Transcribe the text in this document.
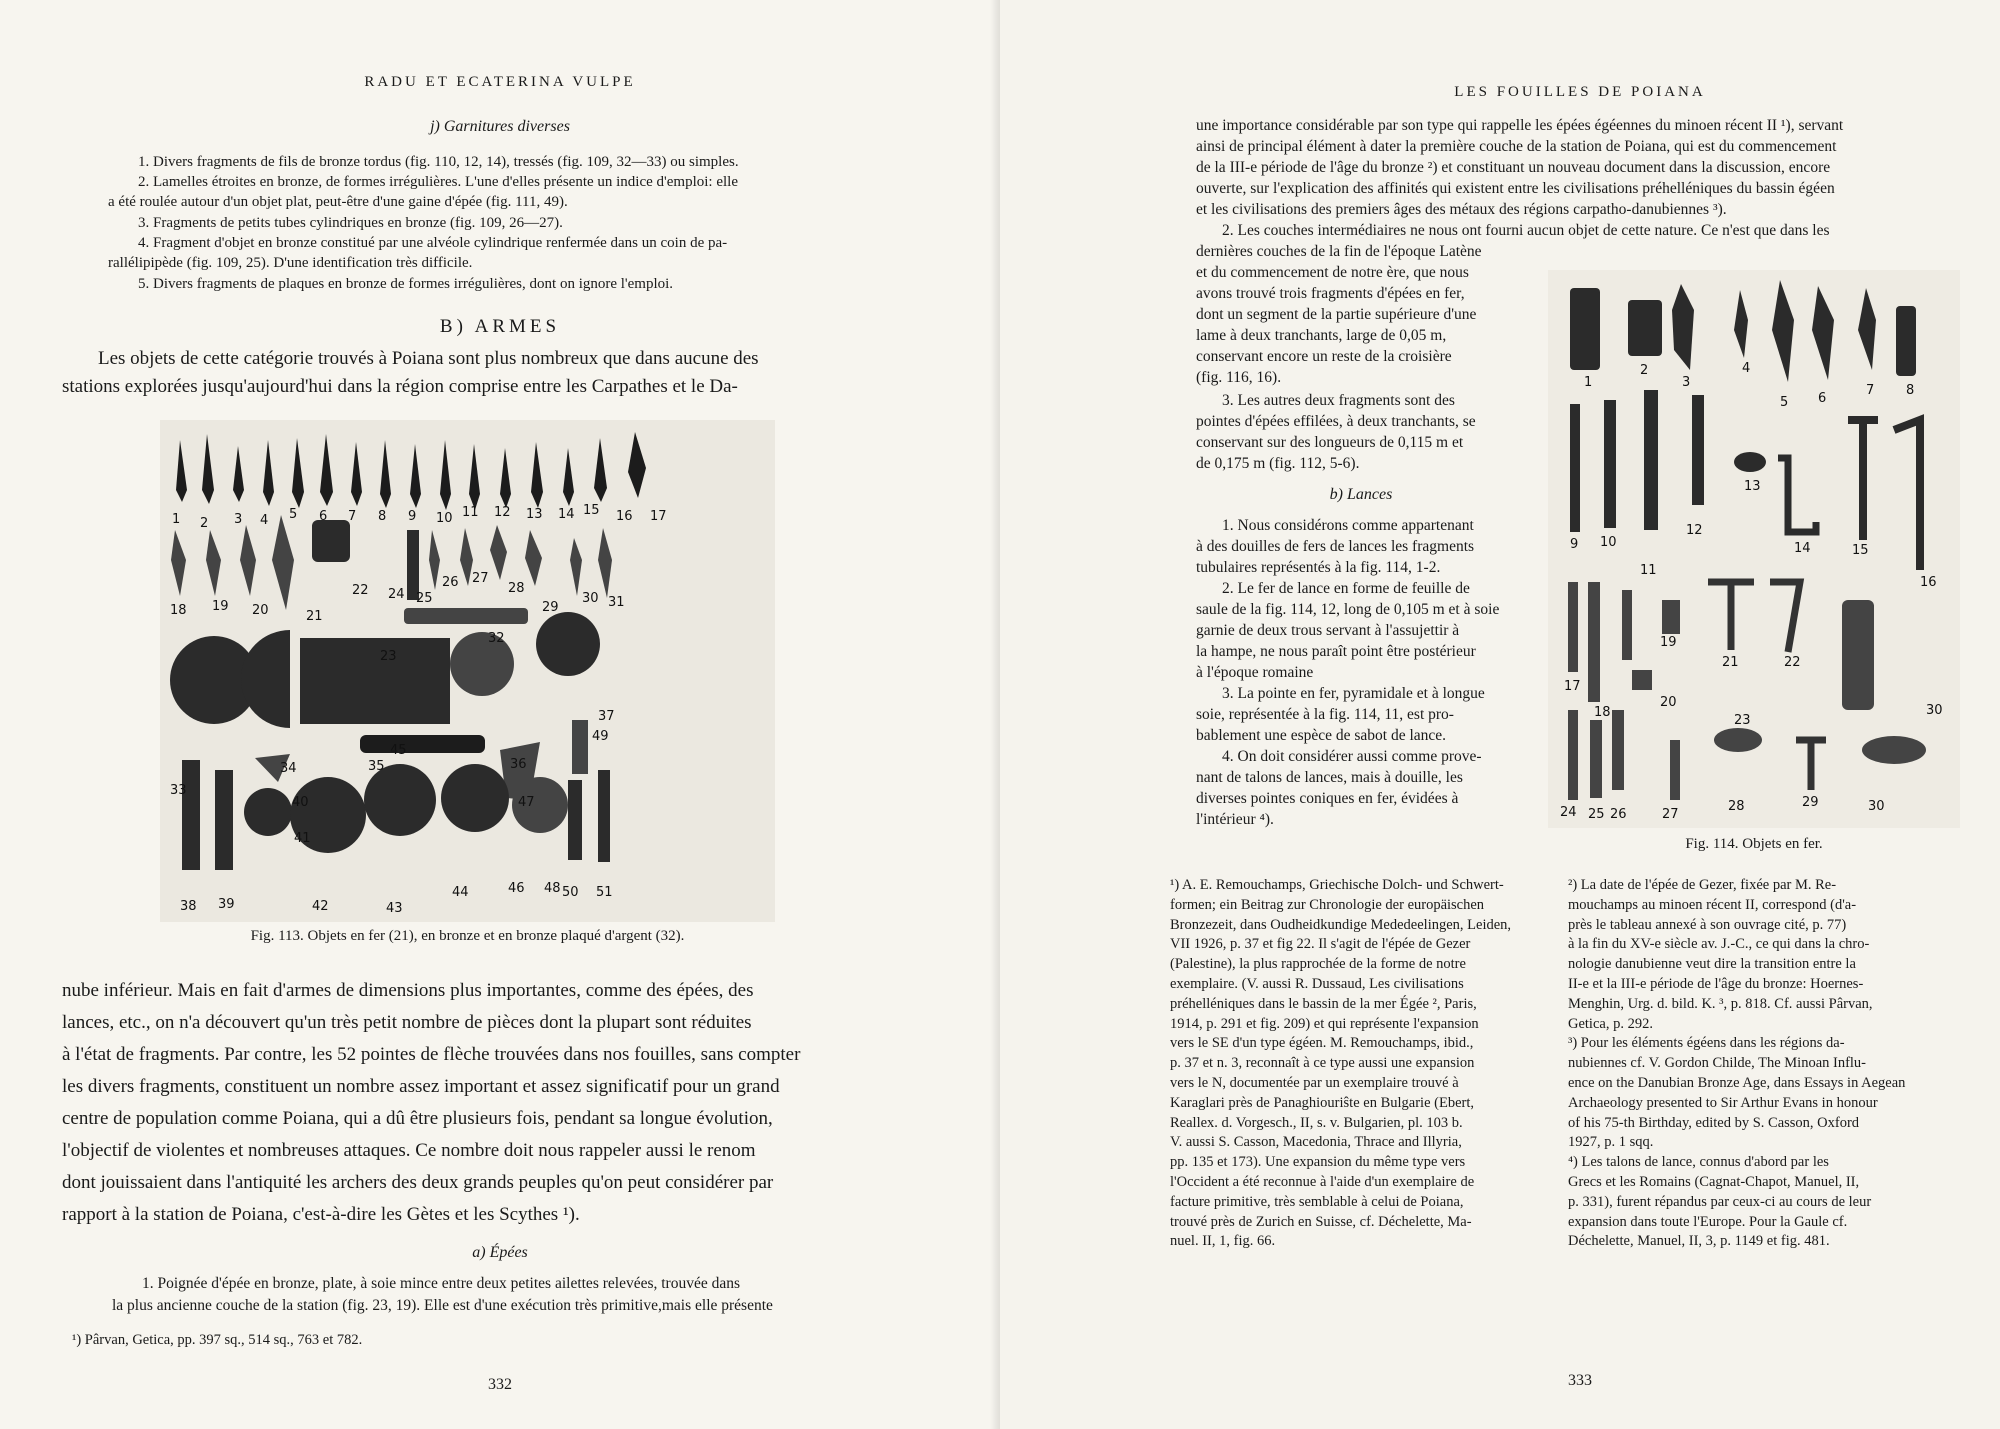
RADU ET ECATERINA VULPE
j) Garnitures diverses
1. Divers fragments de fils de bronze tordus (fig. 110, 12, 14), tressés (fig. 109, 32—33) ou simples.
2. Lamelles étroites en bronze, de formes irrégulières. L'une d'elles présente un indice d'emploi: elle
a été roulée autour d'un objet plat, peut-être d'une gaine d'épée (fig. 111, 49).
3. Fragments de petits tubes cylindriques en bronze (fig. 109, 26—27).
4. Fragment d'objet en bronze constitué par une alvéole cylindrique renfermée dans un coin de pa-
rallélipipède (fig. 109, 25). D'une identification très difficile.
5. Divers fragments de plaques en bronze de formes irrégulières, dont on ignore l'emploi.
B) ARMES
Les objets de cette catégorie trouvés à Poiana sont plus nombreux que dans aucune des
stations explorées jusqu'aujourd'hui dans la région comprise entre les Carpathes et le Da-
1 2 3 4 5 6 7 8 9 10 11 12 13 14 15 16 17
18 19 20	21
22
23
24 25
26 27
28
29
30 31
32
33
34	35	36
37
38 39
40
41
42	43
44
45
46
47
48
49
50 51
Fig. 113. Objets en fer (21), en bronze et en bronze plaqué d'argent (32).
nube inférieur. Mais en fait d'armes de dimensions plus importantes, comme des épées, des
lances, etc., on n'a découvert qu'un très petit nombre de pièces dont la plupart sont réduites
à l'état de fragments. Par contre, les 52 pointes de flèche trouvées dans nos fouilles, sans compter
les divers fragments, constituent un nombre assez important et assez significatif pour un grand
centre de population comme Poiana, qui a dû être plusieurs fois, pendant sa longue évolution,
l'objectif de violentes et nombreuses attaques. Ce nombre doit nous rappeler aussi le renom
dont jouissaient dans l'antiquité les archers des deux grands peuples qu'on peut considérer par
rapport à la station de Poiana, c'est-à-dire les Gètes et les Scythes ¹).
a) Épées
1. Poignée d'épée en bronze, plate, à soie mince entre deux petites ailettes relevées, trouvée dans
la plus ancienne couche de la station (fig. 23, 19). Elle est d'une exécution très primitive,mais elle présente
¹) Pârvan, Getica, pp. 397 sq., 514 sq., 763 et 782.
332
LES FOUILLES DE POIANA
une importance considérable par son type qui rappelle les épées égéennes du minoen récent II ¹), servant
ainsi de principal élément à dater la première couche de la station de Poiana, qui est du commencement
de la III-e période de l'âge du bronze ²) et constituant un nouveau document dans la discussion, encore
ouverte, sur l'explication des affinités qui existent entre les civilisations préhelléniques du bassin égéen
et les civilisations des premiers âges des métaux des régions carpatho-danubiennes ³).
2. Les couches intermédiaires ne nous ont fourni aucun objet de cette nature. Ce n'est que dans les
dernières couches de la fin de l'époque Latène
et du commencement de notre ère, que nous
avons trouvé trois fragments d'épées en fer,
dont un segment de la partie supérieure d'une
lame à deux tranchants, large de 0,05 m,
conservant encore un reste de la croisière
(fig. 116, 16).
3. Les autres deux fragments sont des
pointes d'épées effilées, à deux tranchants, se
conservant sur des longueurs de 0,115 m et
de 0,175 m (fig. 112, 5-6).
b) Lances
1. Nous considérons comme appartenant
à des douilles de fers de lances les fragments
tubulaires représentés à la fig. 114, 1-2.
2. Le fer de lance en forme de feuille de
saule de la fig. 114, 12, long de 0,105 m et à soie
garnie de deux trous servant à l'assujettir à
la hampe, ne nous paraît point être postérieur
à l'époque romaine
3. La pointe en fer, pyramidale et à longue
soie, représentée à la fig. 114, 11, est pro-
bablement une espèce de sabot de lance.
4. On doit considérer aussi comme prove-
nant de talons de lances, mais à douille, les
diverses pointes coniques en fer, évidées à
l'intérieur ⁴).
1
2
3
4
5 6
7 8
9 10
11
12
13
14	15
16
17
18
19
20
21	22
24 25 26	27
28	29	30
23
30
Fig. 114. Objets en fer.
¹) A. E. Remouchamps, Griechische Dolch- und Schwert-
formen; ein Beitrag zur Chronologie der europäischen
Bronzezeit, dans Oudheidkundige Mededeelingen, Leiden,
VII 1926, p. 37 et fig 22. Il s'agit de l'épée de Gezer
(Palestine), la plus rapprochée de la forme de notre
exemplaire. (V. aussi R. Dussaud, Les civilisations
préhelléniques dans le bassin de la mer Égée ², Paris,
1914, p. 291 et fig. 209) et qui représente l'expansion
vers le SE d'un type égéen. M. Remouchamps, ibid.,
p. 37 et n. 3, reconnaît à ce type aussi une expansion
vers le N, documentée par un exemplaire trouvé à
Karaglari près de Panaghiouriŝte en Bulgarie (Ebert,
Reallex. d. Vorgesch., II, s. v. Bulgarien, pl. 103 b.
V. aussi S. Casson, Macedonia, Thrace and Illyria,
pp. 135 et 173). Une expansion du même type vers
l'Occident a été reconnue à l'aide d'un exemplaire de
facture primitive, très semblable à celui de Poiana,
trouvé près de Zurich en Suisse, cf. Déchelette, Ma-
nuel. II, 1, fig. 66.
²) La date de l'épée de Gezer, fixée par M. Re-
mouchamps au minoen récent II, correspond (d'a-
près le tableau annexé à son ouvrage cité, p. 77)
à la fin du XV-e siècle av. J.-C., ce qui dans la chro-
nologie danubienne veut dire la transition entre la
II-e et la III-e période de l'âge du bronze: Hoernes-
Menghin, Urg. d. bild. K. ³, p. 818. Cf. aussi Pârvan,
Getica, p. 292.
³) Pour les éléments égéens dans les régions da-
nubiennes cf. V. Gordon Childe, The Minoan Influ-
ence on the Danubian Bronze Age, dans Essays in Aegean
Archaeology presented to Sir Arthur Evans in honour
of his 75-th Birthday, edited by S. Casson, Oxford
1927, p. 1 sqq.
⁴) Les talons de lance, connus d'abord par les
Grecs et les Romains (Cagnat-Chapot, Manuel, II,
p. 331), furent répandus par ceux-ci au cours de leur
expansion dans toute l'Europe. Pour la Gaule cf.
Déchelette, Manuel, II, 3, p. 1149 et fig. 481.
333
